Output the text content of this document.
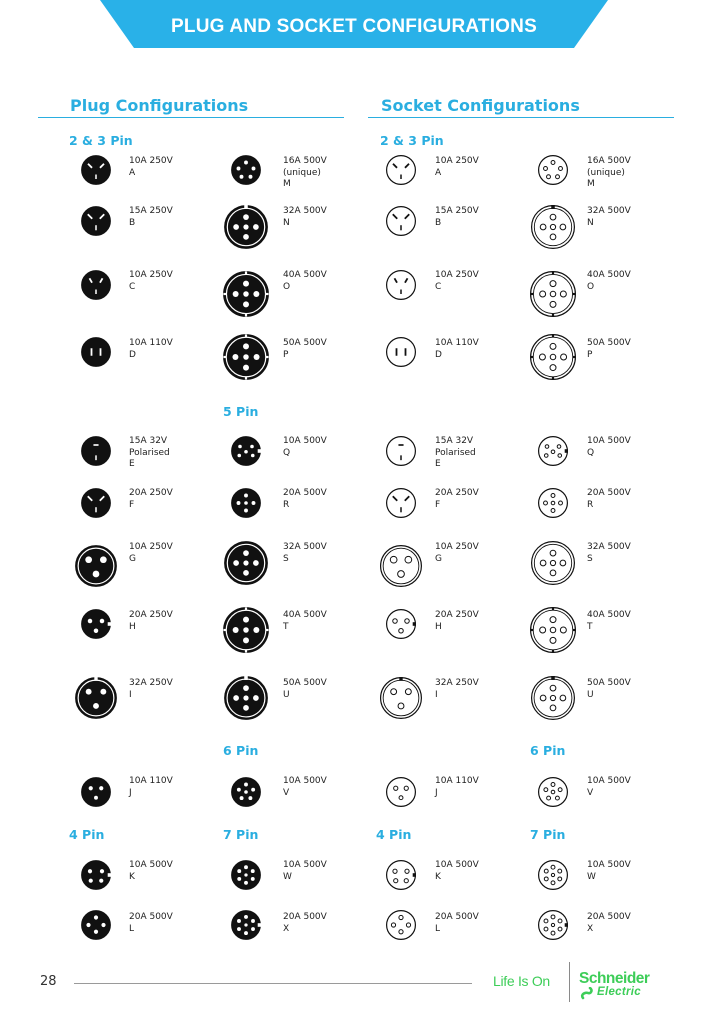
PLUG AND SOCKET CONFIGURATIONS
Plug Configurations	Socket Configurations
2 & 3 Pin
5 Pin
6 Pin
4 Pin	7 Pin
2 & 3 Pin
6 Pin
4 Pin	7 Pin
10A 250V
A
10A 250V
A
15A 250V
B
15A 250V
B
10A 250V
C
10A 250V
C
10A 110V
D
10A 110V
D
16A 500V
(unique)
M
16A 500V
(unique)
M
32A 500V
N
32A 500V
N
40A 500V
O
40A 500V
O
50A 500V
P
50A 500V
P
15A 32V
Polarised
E
15A 32V
Polarised
E
20A 250V
F
20A 250V
F
10A 250V
G
10A 250V
G
20A 250V
H
20A 250V
H
32A 250V
I
32A 250V
I
10A 500V
Q
10A 500V
Q
20A 500V
R
20A 500V
R
32A 500V
S
32A 500V
S
40A 500V
T
40A 500V
T
50A 500V
U
50A 500V
U
10A 110V
J
10A 110V
J
10A 500V
V
10A 500V
V
10A 500V
K
10A 500V
K
20A 500V
L
20A 500V
L
10A 500V
W
10A 500V
W
20A 500V
X
20A 500V
X
28	Life Is On Schneider
Electric
